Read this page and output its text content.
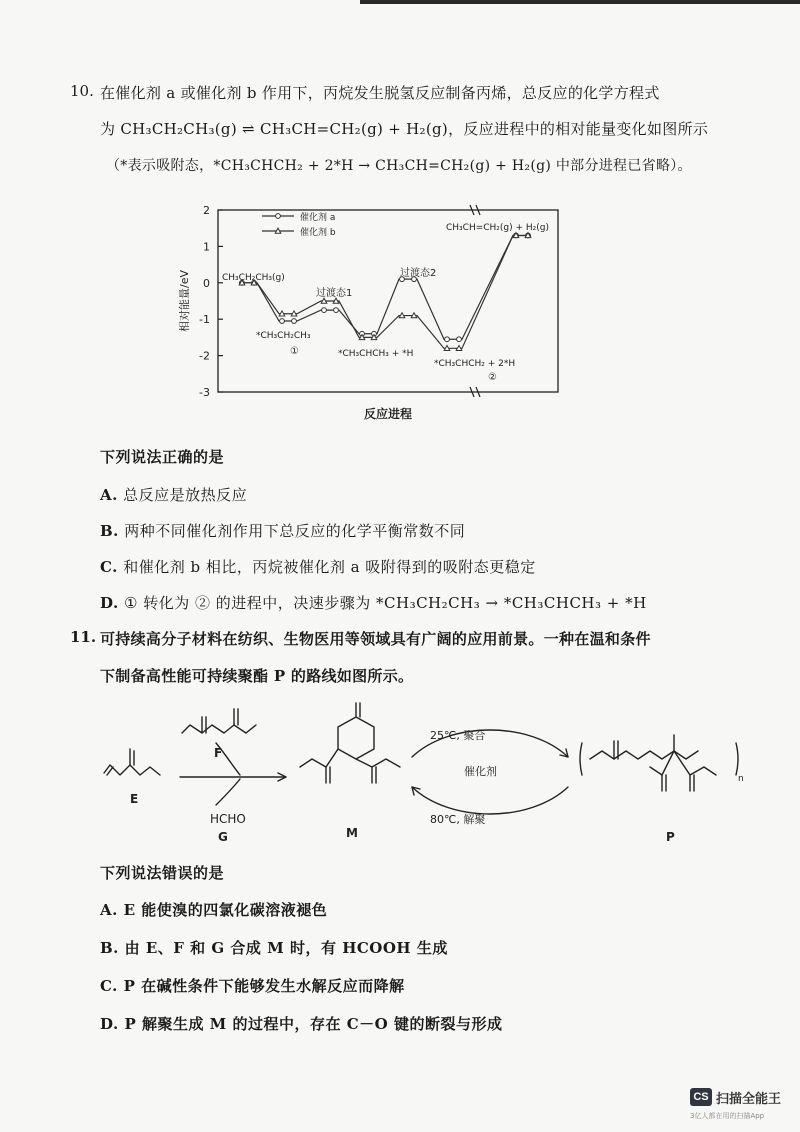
10. 在催化剂 a 或催化剂 b 作用下，丙烷发生脱氢反应制备丙烯，总反应的化学方程式
为 CH₃CH₂CH₃(g) ⇌ CH₃CH=CH₂(g) + H₂(g)，反应进程中的相对能量变化如图所示
（*表示吸附态，*CH₃CHCH₂ + 2*H → CH₃CH=CH₂(g) + H₂(g) 中部分进程已省略）。
2
1
0
-1
-2
-3
相对能量/eV
反应进程
催化剂 a
催化剂 b
CH₃CH₂CH₃(g)
*CH₃CH₂CH₃
①
过渡态1
*CH₃CHCH₃ + *H
过渡态2
*CH₃CHCH₂ + 2*H
②
CH₃CH=CH₂(g) + H₂(g)
下列说法正确的是
A. 总反应是放热反应
B. 两种不同催化剂作用下总反应的化学平衡常数不同
C. 和催化剂 b 相比，丙烷被催化剂 a 吸附得到的吸附态更稳定
D. ① 转化为 ② 的进程中，决速步骤为 *CH₃CH₂CH₃ → *CH₃CHCH₃ + *H
11. 可持续高分子材料在纺织、生物医用等领域具有广阔的应用前景。一种在温和条件
下制备高性能可持续聚酯 P 的路线如图所示。
E
F
HCHO
G	M
25℃, 聚合
催化剂
80℃, 解聚
n
P
下列说法错误的是
A. E 能使溴的四氯化碳溶液褪色
B. 由 E、F 和 G 合成 M 时，有 HCOOH 生成
C. P 在碱性条件下能够发生水解反应而降解
D. P 解聚生成 M 的过程中，存在 C－O 键的断裂与形成
CS 扫描全能王
3亿人都在用的扫描App
